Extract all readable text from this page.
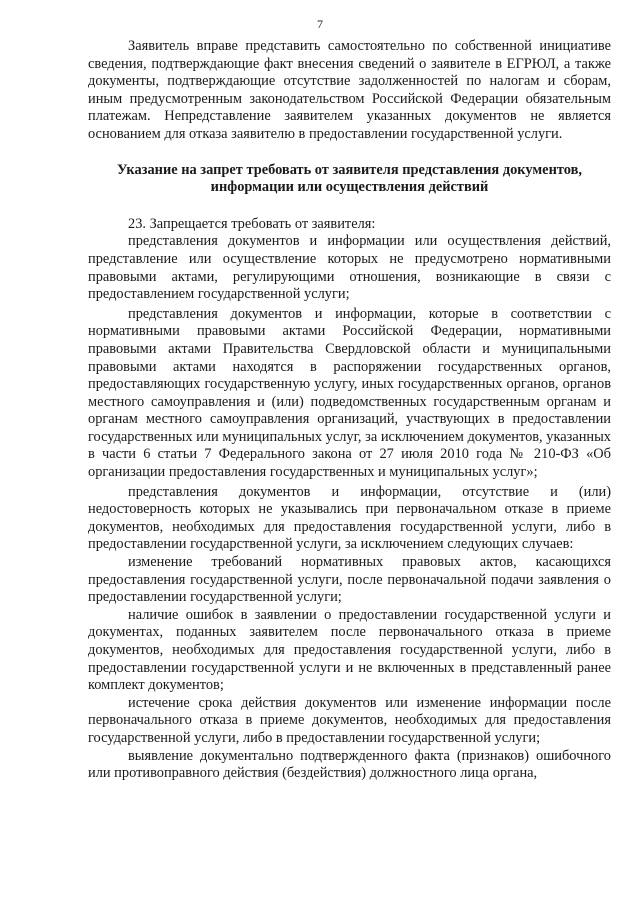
7

Заявитель вправе представить самостоятельно по собственной инициативе сведения, подтверждающие факт внесения сведений о заявителе в ЕГРЮЛ, а также документы, подтверждающие отсутствие задолженностей по налогам и сборам, иным предусмотренным законодательством Российской Федерации обязательным платежам. Непредставление заявителем указанных документов не является основанием для отказа заявителю в предоставлении государственной услуги.

Указание на запрет требовать от заявителя представления документов,
информации или осуществления действий

23. Запрещается требовать от заявителя:

представления документов и информации или осуществления действий, представление или осуществление которых не предусмотрено нормативными правовыми актами, регулирующими отношения, возникающие в связи с предоставлением государственной услуги;

представления документов и информации, которые в соответствии с нормативными правовыми актами Российской Федерации, нормативными правовыми актами Правительства Свердловской области и муниципальными правовыми актами находятся в распоряжении государственных органов, предоставляющих государственную услугу, иных государственных органов, органов местного самоуправления и (или) подведомственных государственным органам и органам местного самоуправления организаций, участвующих в предоставлении государственных или муниципальных услуг, за исключением документов, указанных в части 6 статьи 7 Федерального закона от 27 июля 2010 года № 210-ФЗ «Об организации предоставления государственных и муниципальных услуг»;

представления документов и информации, отсутствие и (или) недостоверность которых не указывались при первоначальном отказе в приеме документов, необходимых для предоставления государственной услуги, либо в предоставлении государственной услуги, за исключением следующих случаев:

изменение требований нормативных правовых актов, касающихся предоставления государственной услуги, после первоначальной подачи заявления о предоставлении государственной услуги;

наличие ошибок в заявлении о предоставлении государственной услуги и документах, поданных заявителем после первоначального отказа в приеме документов, необходимых для предоставления государственной услуги, либо в предоставлении государственной услуги и не включенных в представленный ранее комплект документов;

истечение срока действия документов или изменение информации после первоначального отказа в приеме документов, необходимых для предоставления государственной услуги, либо в предоставлении государственной услуги;

выявление документально подтвержденного факта (признаков) ошибочного или противоправного действия (бездействия) должностного лица органа,
